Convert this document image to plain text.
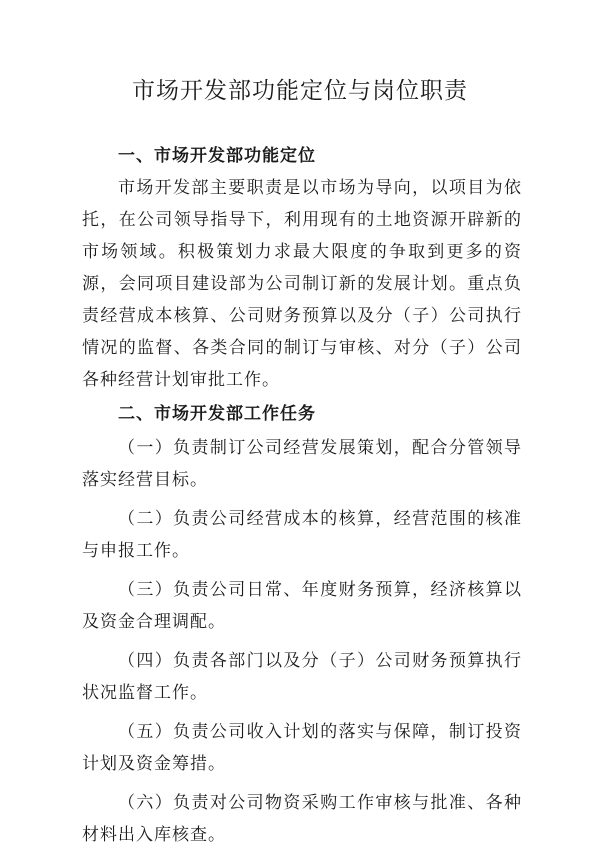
市场开发部功能定位与岗位职责
一、市场开发部功能定位

市场开发部主要职责是以市场为导向，以项目为依托，在公司领导指导下，利用现有的土地资源开辟新的市场领域。积极策划力求最大限度的争取到更多的资源，会同项目建设部为公司制订新的发展计划。重点负责经营成本核算、公司财务预算以及分（子）公司执行情况的监督、各类合同的制订与审核、对分（子）公司各种经营计划审批工作。

二、市场开发部工作任务

（一）负责制订公司经营发展策划，配合分管领导落实经营目标。

（二）负责公司经营成本的核算，经营范围的核准与申报工作。

（三）负责公司日常、年度财务预算，经济核算以及资金合理调配。

（四）负责各部门以及分（子）公司财务预算执行状况监督工作。

（五）负责公司收入计划的落实与保障，制订投资计划及资金筹措。

（六）负责对公司物资采购工作审核与批准、各种材料出入库核查。
